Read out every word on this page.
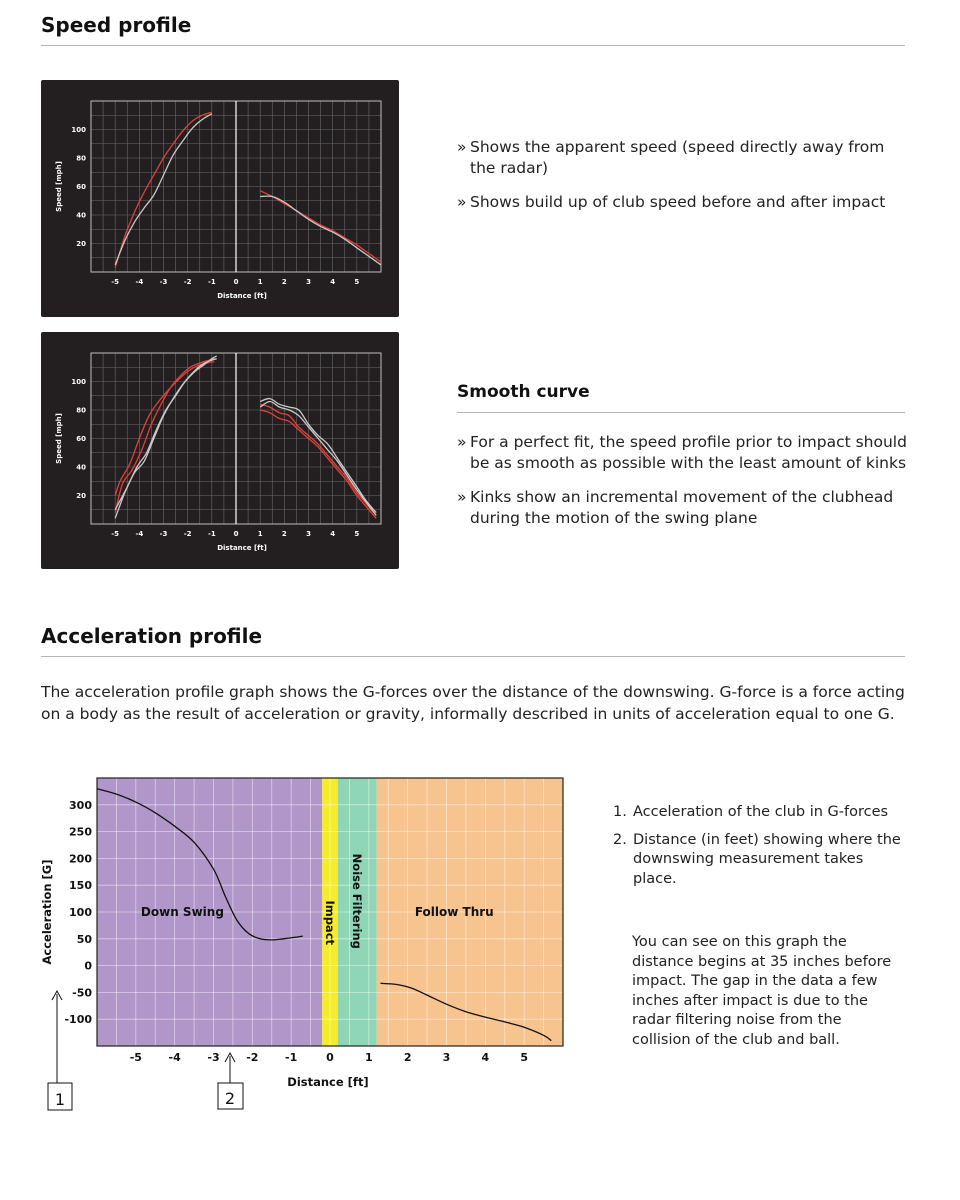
Speed profile
-5 -4 -3 -2 -1	0	1	2	3	4	5
20
40
60
80
100
Distance [ft]
Speed [mph]
» Shows the apparent speed (speed directly away from the radar)
» Shows build up of club speed before and after impact
-5 -4 -3 -2 -1	0	1	2	3	4	5
20
40
60
80
100
Distance [ft]
Speed [mph]
Smooth curve
» For a perfect fit, the speed profile prior to impact should be as smooth as possible with the least amount of kinks
» Kinks show an incremental movement of the clubhead during the motion of the swing plane
Acceleration profile
The acceleration profile graph shows the G-forces over the distance of the downswing. G-force is a force acting on a body as the result of acceleration or gravity, informally described in units of acceleration equal to one G.
Down Swing	Impact Noise Filtering	Follow Thru
-5 -4 -3 -2 -1	0	1	2	3	4	5
-100
-50
0
50
100
150
200
250
300
Distance [ft]
Acceleration [G]
1	2
1. Acceleration of the club in G-forces
2. Distance (in feet) showing where the downswing measurement takes place.
You can see on this graph the distance begins at 35 inches before impact. The gap in the data a few inches after impact is due to the radar filtering noise from the collision of the club and ball.
